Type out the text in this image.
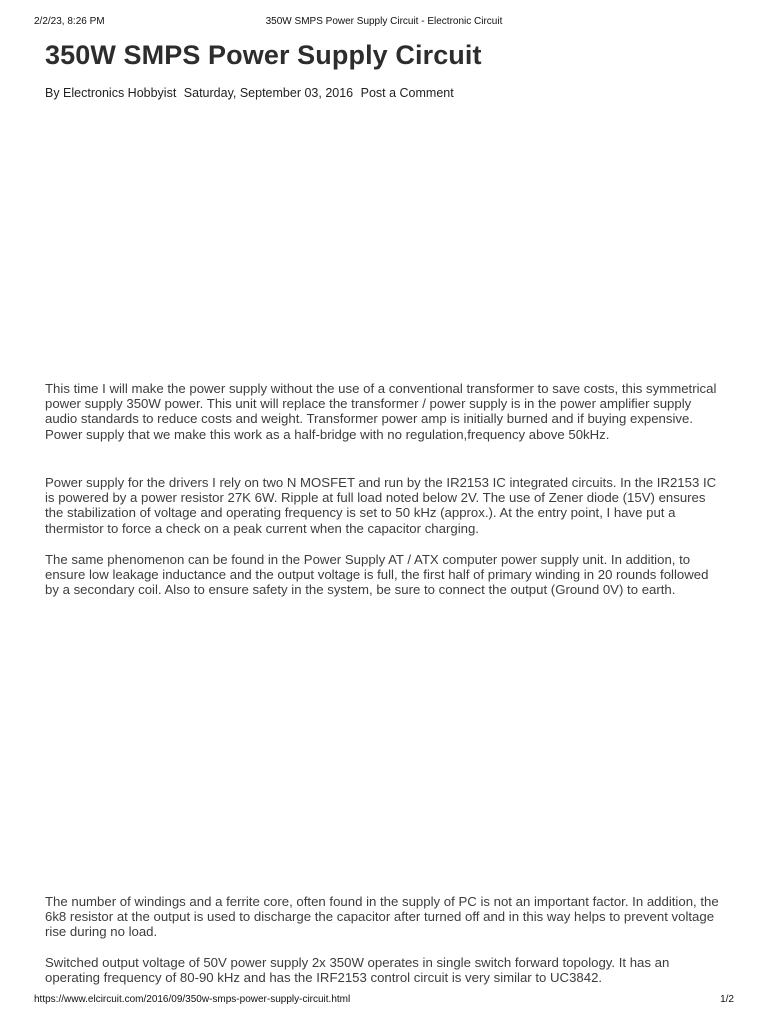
2/2/23, 8:26 PM	350W SMPS Power Supply Circuit - Electronic Circuit
350W SMPS Power Supply Circuit
By Electronics Hobbyist Saturday, September 03, 2016 Post a Comment

This time I will make the power supply without the use of a conventional transformer to save costs, this symmetrical power supply 350W power. This unit will replace the transformer / power supply is in the power amplifier supply audio standards to reduce costs and weight. Transformer power amp is initially burned and if buying expensive. Power supply that we make this work as a half-bridge with no regulation,frequency above 50kHz.

Power supply for the drivers I rely on two N MOSFET and run by the IR2153 IC integrated circuits. In the IR2153 IC is powered by a power resistor 27K 6W. Ripple at full load noted below 2V. The use of Zener diode (15V) ensures the stabilization of voltage and operating frequency is set to 50 kHz (approx.). At the entry point, I have put a thermistor to force a check on a peak current when the capacitor charging.

The same phenomenon can be found in the Power Supply AT / ATX computer power supply unit. In addition, to ensure low leakage inductance and the output voltage is full, the first half of primary winding in 20 rounds followed by a secondary coil. Also to ensure safety in the system, be sure to connect the output (Ground 0V) to earth.

The number of windings and a ferrite core, often found in the supply of PC is not an important factor. In addition, the 6k8 resistor at the output is used to discharge the capacitor after turned off and in this way helps to prevent voltage rise during no load.

Switched output voltage of 50V power supply 2x 350W operates in single switch forward topology. It has an operating frequency of 80-90 kHz and has the IRF2153 control circuit is very similar to UC3842.

https://www.elcircuit.com/2016/09/350w-smps-power-supply-circuit.html	1/2
